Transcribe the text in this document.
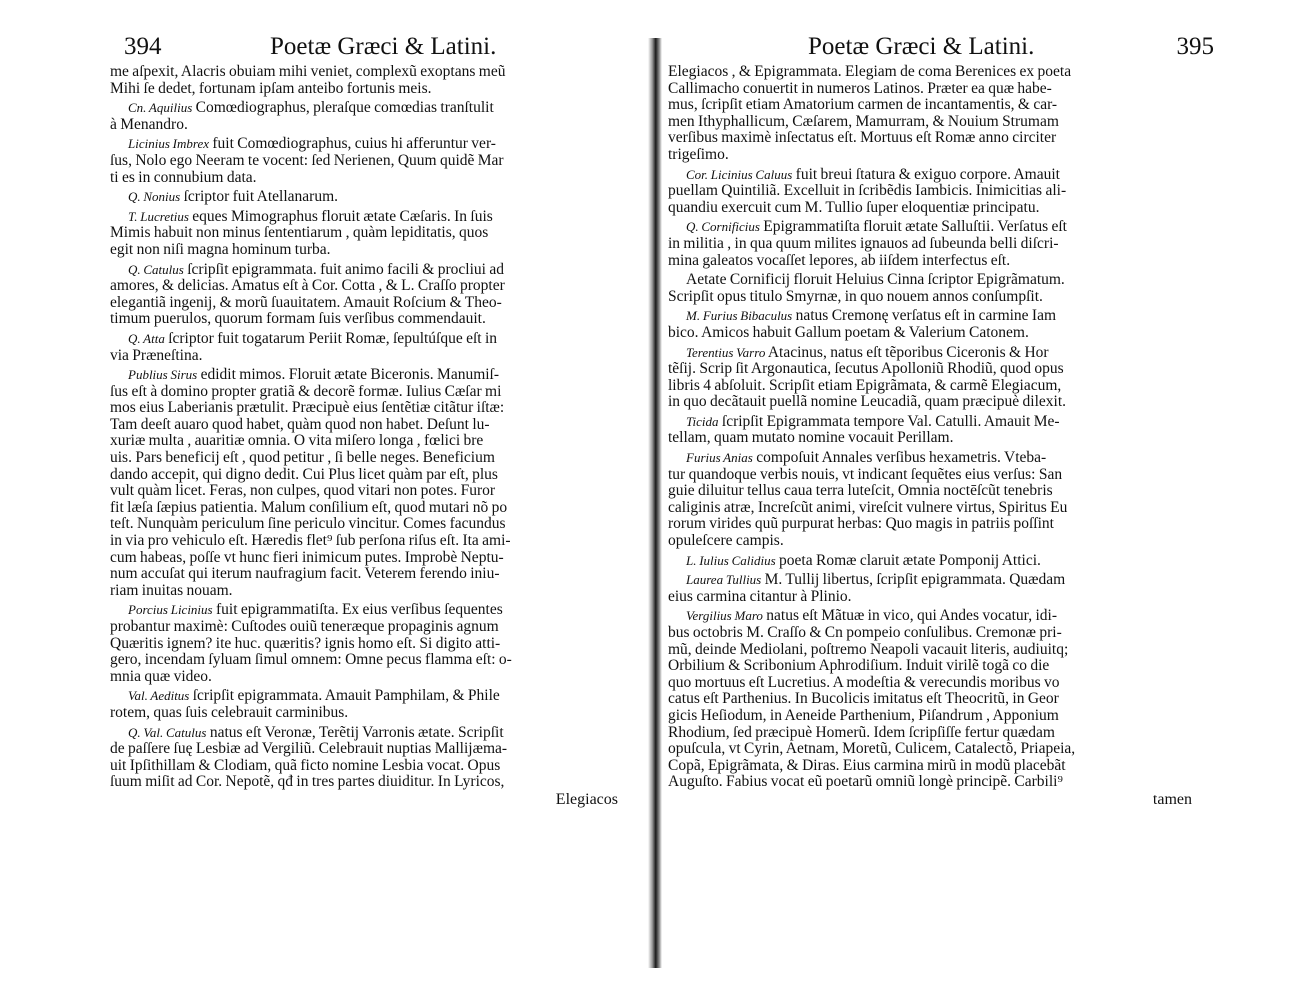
394	Poetæ Græci & Latini.
me aſpexit, Alacris obuiam mihi veniet, complexũ exoptans meũ
Mihi ſe dedet, fortunam ipſam anteibo fortunis meis.
Cn. Aquilius Comœdiographus, pleraſque comœdias tranſtulit
à Menandro.
Licinius Imbrex fuit Comœdiographus, cuius hi afferuntur ver-
ſus, Nolo ego Neeram te vocent: ſed Nerienen, Quum quidẽ Mar
ti es in connubium data.
Q. Nonius ſcriptor fuit Atellanarum.
T. Lucretius eques Mimographus floruit ætate Cæſaris. In ſuis
Mimis habuit non minus ſententiarum , quàm lepiditatis, quos
egit non niſi magna hominum turba.
Q. Catulus ſcripſit epigrammata. fuit animo facili & procliui ad
amores, & delicias. Amatus eſt à Cor. Cotta , & L. Craſſo propter
elegantiã ingenij, & morũ ſuauitatem. Amauit Roſcium & Theo-
timum puerulos, quorum formam ſuis verſibus commendauit.
Q. Atta ſcriptor fuit togatarum Periit Romæ, ſepultúſque eſt in
via Præneſtina.
Publius Sirus edidit mimos. Floruit ætate Biceronis. Manumiſ-
ſus eſt à domino propter gratiã & decorẽ formæ. Iulius Cæſar mi
mos eius Laberianis prætulit. Præcipuè eius ſentẽtiæ citãtur iſtæ:
Tam deeſt auaro quod habet, quàm quod non habet. Deſunt lu-
xuriæ multa , auaritiæ omnia. O vita miſero longa , fœlici bre
uis. Pars beneficij eſt , quod petitur , ſi belle neges. Beneficium
dando accepit, qui digno dedit. Cui Plus licet quàm par eſt, plus
vult quàm licet. Feras, non culpes, quod vitari non potes. Furor
fit læſa ſæpius patientia. Malum conſilium eſt, quod mutari nõ po
teſt. Nunquàm periculum ſine periculo vincitur. Comes facundus
in via pro vehiculo eſt. Hæredis flet⁹ ſub perſona riſus eſt. Ita ami-
cum habeas, poſſe vt hunc fieri inimicum putes. Improbè Neptu-
num accuſat qui iterum naufragium facit. Veterem ferendo iniu-
riam inuitas nouam.
Porcius Licinius fuit epigrammatiſta. Ex eius verſibus ſequentes
probantur maximè: Cuſtodes ouiũ teneræque propaginis agnum
Quæritis ignem? ite huc. quæritis? ignis homo eſt. Si digito atti-
gero, incendam ſyluam ſimul omnem: Omne pecus flamma eſt: o-
mnia quæ video.
Val. Aeditus ſcripſit epigrammata. Amauit Pamphilam, & Phile
rotem, quas ſuis celebrauit carminibus.
Q. Val. Catulus natus eſt Veronæ, Terẽtij Varronis ætate. Scripſit
de paſſere ſuę Lesbiæ ad Vergiliũ. Celebrauit nuptias Mallijæma-
uit Ipſithillam & Clodiam, quã ficto nomine Lesbia vocat. Opus
ſuum miſit ad Cor. Nepotẽ, qđ in tres partes diuiditur. In Lyricos,
Elegiacos
Poetæ Græci & Latini.	395
Elegiacos , & Epigrammata. Elegiam de coma Berenices ex poeta
Callimacho conuertit in numeros Latinos. Præter ea quæ habe-
mus, ſcripſit etiam Amatorium carmen de incantamentis, & car-
men Ithyphallicum, Cæſarem, Mamurram, & Nouium Strumam
verſibus maximè inſectatus eſt. Mortuus eſt Romæ anno circiter
trigeſimo.
Cor. Licinius Caluus fuit breui ſtatura & exiguo corpore. Amauit
puellam Quintiliã. Excelluit in ſcribẽdis Iambicis. Inimicitias ali-
quandiu exercuit cum M. Tullio ſuper eloquentiæ principatu.
Q. Cornificius Epigrammatiſta floruit ætate Salluſtii. Verſatus eſt
in militia , in qua quum milites ignauos ad ſubeunda belli diſcri-
mina galeatos vocaſſet lepores, ab iiſdem interfectus eſt.
Aetate Cornificij floruit Heluius Cinna ſcriptor Epigrãmatum.
Scripſit opus titulo Smyrnæ, in quo nouem annos conſumpſit.
M. Furius Bibaculus natus Cremonę verſatus eſt in carmine Iam
bico. Amicos habuit Gallum poetam & Valerium Catonem.
Terentius Varro Atacinus, natus eſt tẽporibus Ciceronis & Hor
tẽſij. Scrip ſit Argonautica, ſecutus Apolloniũ Rhodiũ, quod opus
libris 4 abſoluit. Scripſit etiam Epigrãmata, & carmẽ Elegiacum,
in quo decãtauit puellã nomine Leucadiã, quam præcipuè dilexit.
Ticida ſcripſit Epigrammata tempore Val. Catulli. Amauit Me-
tellam, quam mutato nomine vocauit Perillam.
Furius Anias compoſuit Annales verſibus hexametris. Vteba-
tur quandoque verbis nouis, vt indicant ſequẽtes eius verſus: San
guie diluitur tellus caua terra luteſcit, Omnia noctēſcũt tenebris
caliginis atræ, Increſcũt animi, vireſcit vulnere virtus, Spiritus Eu
rorum virides quũ purpurat herbas: Quo magis in patriis poſſint
opuleſcere campis.
L. Iulius Calidius poeta Romæ claruit ætate Pomponij Attici.
Laurea Tullius M. Tullij libertus, ſcripſit epigrammata. Quædam
eius carmina citantur à Plinio.
Vergilius Maro natus eſt Mãtuæ in vico, qui Andes vocatur, idi-
bus octobris M. Craſſo & Cn pompeio conſulibus. Cremonæ pri-
mũ, deinde Mediolani, poſtremo Neapoli vacauit literis, audiuitq;
Orbilium & Scribonium Aphrodiſium. Induit virilẽ togã co die
quo mortuus eſt Lucretius. A modeſtia & verecundis moribus vo
catus eſt Parthenius. In Bucolicis imitatus eſt Theocritũ, in Geor
gicis Heſiodum, in Aeneide Parthenium, Piſandrum , Apponium
Rhodium, ſed præcipuè Homerũ. Idem ſcripſiſſe fertur quædam
opuſcula, vt Cyrin, Aetnam, Moretũ, Culicem, Catalectõ, Priapeia,
Copã, Epigrãmata, & Diras. Eius carmina mirũ in modũ placebãt
Auguſto. Fabius vocat eũ poetarũ omniũ longè principẽ. Carbili⁹
tamen
